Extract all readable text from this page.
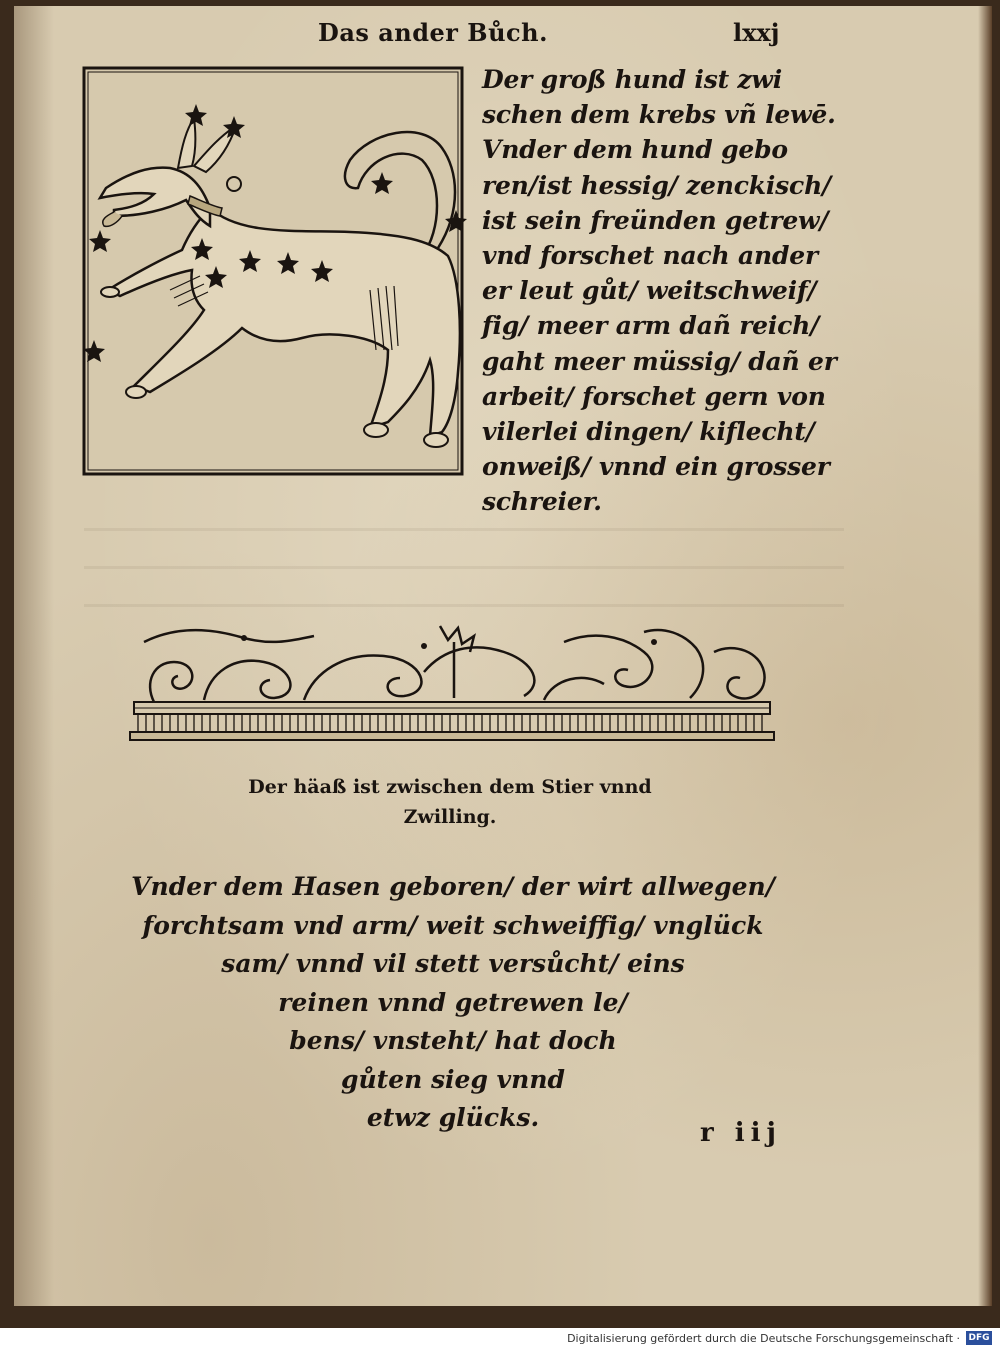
Das ander Bůch.	lxxj
Der groß hund ist zwi
schen dem krebs vñ lewē.
Vnder dem hund gebo
ren/ist hessig/ zenckisch/
ist sein freünden getrew/
vnd forschet nach ander
er leut gůt/ weitschweif/
fig/ meer arm dañ reich/
gaht meer müssig/ dañ er
arbeit/ forschet gern von
vilerlei dingen/ kiflecht/
onweiß/ vnnd ein grosser
schreier.
Der häaß ist zwischen dem Stier vnnd
Zwilling.
Vnder dem Hasen geboren/ der wirt allwegen/
forchtsam vnd arm/ weit schweiffig/ vnglück
sam/ vnnd vil stett versůcht/ eins
reinen vnnd getrewen le/
bens/ vnsteht/ hat doch
gůten sieg vnnd
etwz glücks.
r iij
Digitalisierung gefördert durch die Deutsche Forschungsgemeinschaft · DFG
